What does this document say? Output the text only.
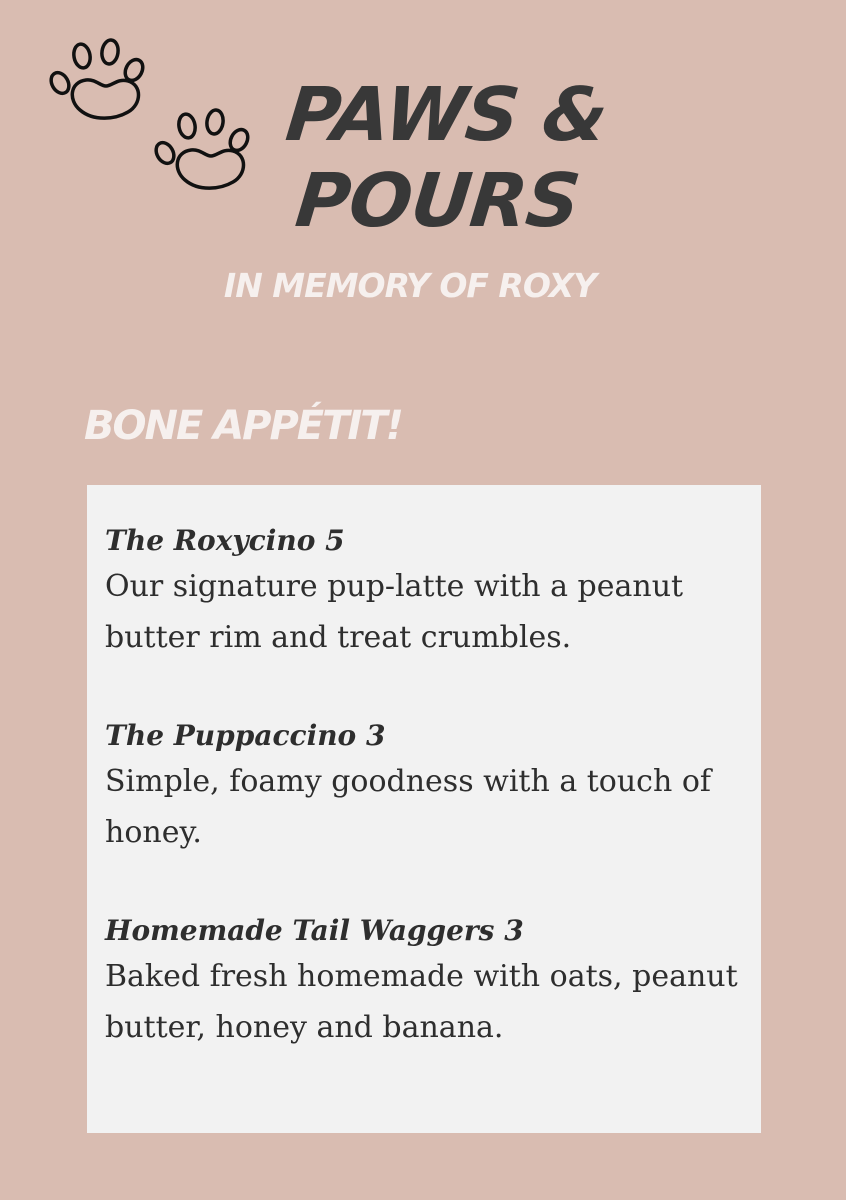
PAWS &
POURS
IN MEMORY OF ROXY
BONE APPÉTIT!
The Roxycino 5
Our signature pup-latte with a peanut butter rim and treat crumbles.
The Puppaccino 3
Simple, foamy goodness with a touch of honey.
Homemade Tail Waggers 3
Baked fresh homemade with oats, peanut butter, honey and banana.
